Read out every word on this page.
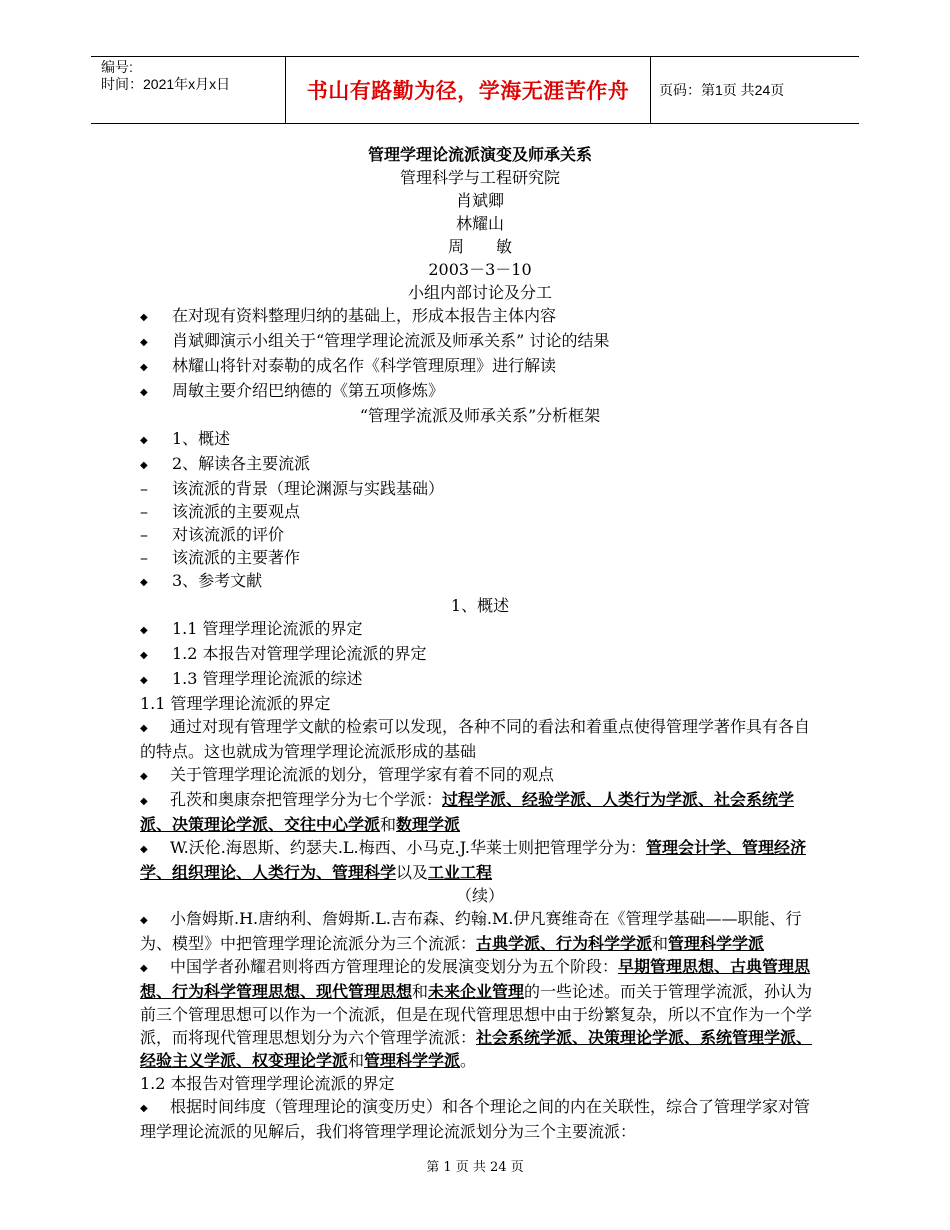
编号:
时间：2021年x月x日	书山有路勤为径，学海无涯苦作舟	页码：第1页 共24页
管理学理论流派演变及师承关系
管理科学与工程研究院
肖斌卿
林耀山
周　　敏
2003－3－10
小组内部讨论及分工
◆ 在对现有资料整理归纳的基础上，形成本报告主体内容
◆ 肖斌卿演示小组关于“管理学理论流派及师承关系” 讨论的结果
◆ 林耀山将针对泰勒的成名作《科学管理原理》进行解读
◆ 周敏主要介绍巴纳德的《第五项修炼》
“管理学流派及师承关系”分析框架
◆ 1、概述
◆ 2、解读各主要流派
– 该流派的背景（理论渊源与实践基础）
– 该流派的主要观点
– 对该流派的评价
– 该流派的主要著作
◆ 3、参考文献
1、概述
◆ 1.1 管理学理论流派的界定
◆ 1.2 本报告对管理学理论流派的界定
◆ 1.3 管理学理论流派的综述
1.1 管理学理论流派的界定
◆ 通过对现有管理学文献的检索可以发现，各种不同的看法和着重点使得管理学著作具有各自的特点。这也就成为管理学理论流派形成的基础
◆ 关于管理学理论流派的划分，管理学家有着不同的观点
◆ 孔茨和奥康奈把管理学分为七个学派：过程学派、经验学派、人类行为学派、社会系统学派、决策理论学派、交往中心学派和数理学派
◆ W.沃伦.海恩斯、约瑟夫.L.梅西、小马克.J.华莱士则把管理学分为：管理会计学、管理经济学、组织理论、人类行为、管理科学以及工业工程
（续）
◆ 小詹姆斯.H.唐纳利、詹姆斯.L.吉布森、约翰.M.伊凡赛维奇在《管理学基础——职能、行为、模型》中把管理学理论流派分为三个流派：古典学派、行为科学学派和管理科学学派
◆ 中国学者孙耀君则将西方管理理论的发展演变划分为五个阶段：早期管理思想、古典管理思想、行为科学管理思想、现代管理思想和未来企业管理的一些论述。而关于管理学流派，孙认为前三个管理思想可以作为一个流派，但是在现代管理思想中由于纷繁复杂，所以不宜作为一个学派，而将现代管理思想划分为六个管理学流派：社会系统学派、决策理论学派、系统管理学派、经验主义学派、权变理论学派和管理科学学派。
1.2 本报告对管理学理论流派的界定
◆ 根据时间纬度（管理理论的演变历史）和各个理论之间的内在关联性，综合了管理学家对管理学理论流派的见解后，我们将管理学理论流派划分为三个主要流派：
第 1 页 共 24 页
